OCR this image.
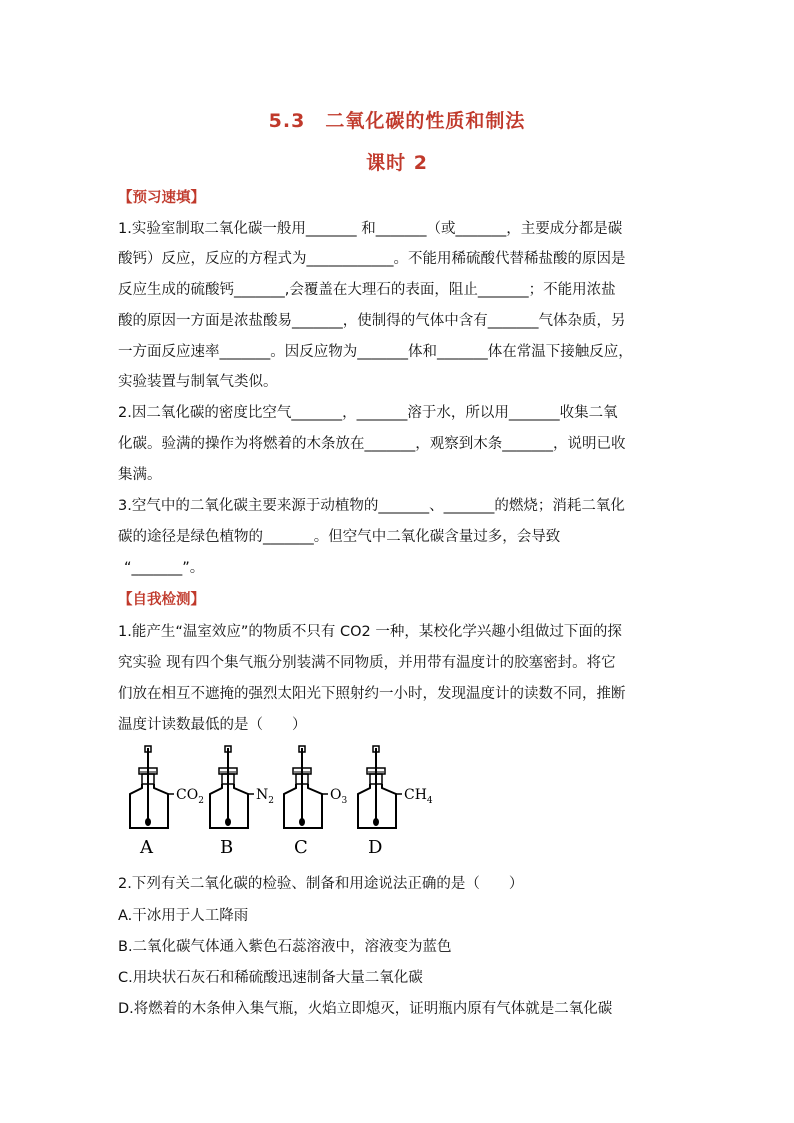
5.3　二氧化碳的性质和制法
课时 2
【预习速填】
1.实验室制取二氧化碳一般用_______ 和_______（或_______，主要成分都是碳
酸钙）反应，反应的方程式为____________。不能用稀硫酸代替稀盐酸的原因是
反应生成的硫酸钙_______,会覆盖在大理石的表面，阻止_______；不能用浓盐
酸的原因一方面是浓盐酸易_______，使制得的气体中含有_______气体杂质，另
一方面反应速率_______。因反应物为_______体和_______体在常温下接触反应，
实验装置与制氧气类似。
2.因二氧化碳的密度比空气_______，_______溶于水，所以用_______收集二氧
化碳。验满的操作为将燃着的木条放在_______，观察到木条_______，说明已收
集满。
3.空气中的二氧化碳主要来源于动植物的_______、_______的燃烧；消耗二氧化
碳的途径是绿色植物的_______。但空气中二氧化碳含量过多，会导致
“_______”。
【自我检测】
1.能产生“温室效应”的物质不只有 CO2 一种，某校化学兴趣小组做过下面的探
究实验 现有四个集气瓶分别装满不同物质，并用带有温度计的胶塞密封。将它
们放在相互不遮掩的强烈太阳光下照射约一小时，发现温度计的读数不同，推断
温度计读数最低的是（　　）
$CO_2$
A
$N_2$
B
$O_3$
C
$CH_4$
D
2.下列有关二氧化碳的检验、制备和用途说法正确的是（　　）
A.干冰用于人工降雨
B.二氧化碳气体通入紫色石蕊溶液中，溶液变为蓝色
C.用块状石灰石和稀硫酸迅速制备大量二氧化碳
D.将燃着的木条伸入集气瓶，火焰立即熄灭，证明瓶内原有气体就是二氧化碳
